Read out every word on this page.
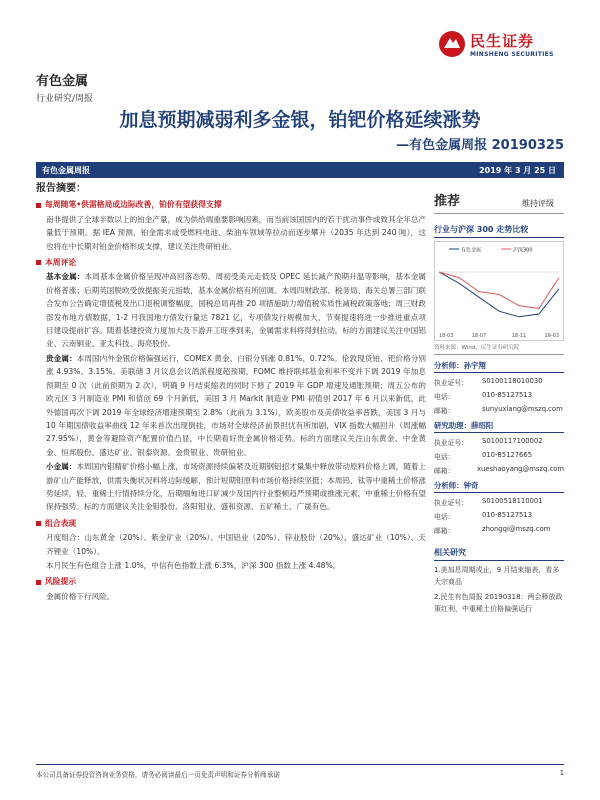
民生证券
MINSHENG SECURITIES
有色金属
行业研究/周报
加息预期减弱利多金银，铂钯价格延续涨势
—有色金属周报 20190325
有色金属周报	2019 年 3 月 25 日
报告摘要：
每周随笔•供需格局或边际改善，铂价有望获得支撑
南非提供了全球半数以上的铂金产量，成为供给端重要影响因素，而当前该国国内的若干扰动事件或致其全年总产量低于预期。据 IEA 预测，铂金需求或受燃料电池、柴油车领域等拉动而逐步攀升（2035 年达到 240 吨），这也将在中长期对铂金价格形成支撑，建议关注贵研铂业。
本周评论
基本金属：本周基本金属价格呈现冲高回落态势。周初受美元走低及 OPEC 延长减产预期升温等影响，基本金属价格普涨；后期英国脱欧受放提振美元指数，基本金属价格有所回调。本周四财政部、税务局、海关总署三部门联合发布公告确定增值税及出口退税调整幅度，国税总局再推 20 项措施助力增值税实质性减税政策落地；周三财政部发布地方债数据，1-2 月我国地方债发行量达 7821 亿，专项债发行规模加大，节奏提速将进一步推进重点项目建设提前扩容。随着基建投资力度加大及下游开工旺季到来，金属需求料将得到拉动。标的方面建议关注中国铝业、云南铜业、亚太科技、海亮股份。
贵金属：本周国内外金银价格偏强运行，COMEX 黄金、白银分别涨 0.81%、0.72%。伦敦现货铂、钯价格分别涨 4.93%、3.15%。美联储 3 月议息会议鸽派程度超预期，FOMC 维持联邦基金利率不变并下调 2019 年加息预期至 0 次（此前预期为 2 次），明确 9 月结束缩表的同时下修了 2019 年 GDP 增速及通胀预期；周五公布的欧元区 3 月制造业 PMI 和值创 69 个月新低，美国 3 月 Markit 制造业 PMI 初值创 2017 年 6 月以来新低，此外德国再次下调 2019 年全球经济增速预期至 2.8%（此前为 3.1%），欧美股市及美债收益率普跌，美国 3 月与 10 年期国债收益率曲线 12 年来首次出现倒挂，市场对全球经济前景担忧有所加剧，VIX 指数大幅回升（周涨幅 27.95%），黄金等避险资产配置价值凸显，中长期看好贵金属价格走势。标的方面建议关注山东黄金、中金黄金、恒邦股份、盛达矿业、银泰资源、金贵银业、贵研铂业。
小金属：本周国内钼精矿价格小幅上涨，市场资源持续偏紧及近期钢铝招才量集中释放带动原料价格上调，随着上游矿山产能释放，供需失衡状况料将边际缓解，预计短期钼原料市场价格持续坚挺；本周钨、钛等中重稀土价格涨势延续，轻、重稀土行情持续分化，后期缅甸进口矿减少及国内行业整顿趋严预期或推涨元素，中重稀土价格有望保持强势。标的方面建议关注金钼股份、洛阳钼业、盛和资源、五矿稀土、广晟有色。
组合表现
月度组合：山东黄金（20%）、紫金矿业（20%）、中国铝业（20%）、锌业股份（20%）、盛达矿业（10%）、天齐锂业（10%）。
本月民生有色组合上涨 1.0%，中信有色指数上涨 6.3%，沪深 300 指数上涨 4.48%。
风险提示
金属价格下行风险。
推荐	维持评级
行业与沪深 300 走势比较
有色金属	沪深300
18-03	18-07	18-11	19-03
资料来源：Wind，民生证券研究院
分析师：孙宇翔
执业证号：	S0100118010030
电话：	010-85127513
邮箱：	sunyuxiang@mszq.com
研究助理：薛绍阳
执业证号：	S0100117100002
电话：	010-85127665
邮箱：	xueshaoyang@mszq.com
分析师：钟奇
执业证号：	S0100518110001
电话：	010-85127513
邮箱：	zhongqi@mszq.com
相关研究
1.美加息周期或止，9 月结束缩表，看多大宗商品
2.民生有色周报 20190318：两会释放政策红利，中重稀土价格偏强运行
本公司具备证券投资咨询业务资格，请务必阅读最后一页免责声明和证券分析师承诺	1
